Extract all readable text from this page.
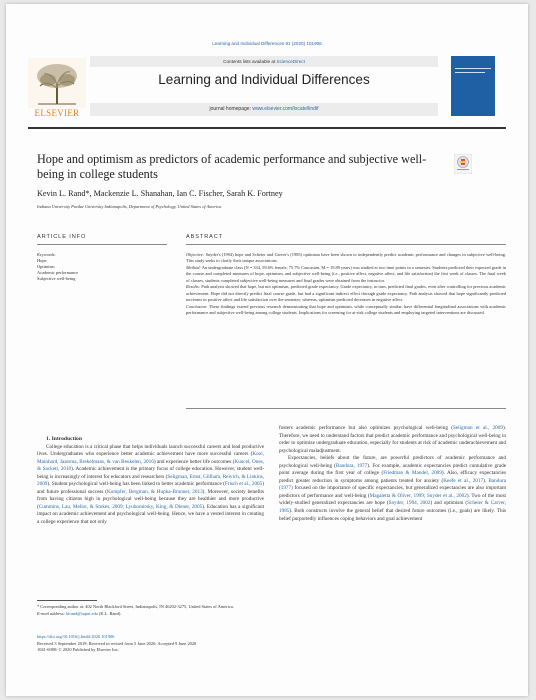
Learning and Individual Differences 81 (2020) 101906
ELSEVIER
Contents lists available at ScienceDirect
Learning and Individual Differences
journal homepage: www.elsevier.com/locate/lindif
Hope and optimism as predictors of academic performance and subjective well-being in college students
Kevin L. Rand*, Mackenzie L. Shanahan, Ian C. Fischer, Sarah K. Fortney
Indiana University Purdue University Indianapolis, Department of Psychology, United States of America
ARTICLE INFO	ABSTRACT
Keywords:
Hope
Optimism
Academic performance
Subjective well-being

Objective: Snyder's (1994) hope and Scheier and Carver's (1985) optimism have been shown to independently predict academic performance and changes in subjective well-being. This study seeks to clarify their unique associations.

Method: An undergraduate class (N = 334, 59.6% female, 75.7% Caucasian, M = 19.89 years) was studied at two time points in a semester. Students predicted their expected grade in the course and completed measures of hope, optimism, and subjective well-being (i.e., positive affect, negative affect, and life satisfaction) the first week of classes. The final week of classes, students completed subjective well-being measures and final grades were obtained from the instructor.

Results: Path analysis showed that hope, but not optimism, predicted grade expectancy. Grade expectancy, in turn, predicted final grades, even after controlling for previous academic achievement. Hope did not directly predict final course grade, but had a significant indirect effect through grade expectancy. Path analysis showed that hope significantly predicted increases in positive affect and life satisfaction over the semester; whereas, optimism predicted decreases in negative affect.

Conclusion: These findings extend previous research demonstrating that hope and optimism, while conceptually similar, have differential longitudinal associations with academic performance and subjective well-being among college students. Implications for screening for at-risk college students and employing targeted interventions are discussed.

1. Introduction

College education is a critical phase that helps individuals launch successful careers and lead productive lives. Undergraduates who experience better academic achievement have more successful careers (Kool, Mainhard, Jaarsma, Brekelmans, & van Beukelen, 2016) and experience better life outcomes (Kuncel, Ones, & Sackett, 2010). Academic achievement is the primary focus of college education. However, student well-being is increasingly of interest for educators and researchers (Seligman, Ernst, Gillham, Reivich, & Linkins, 2009). Student psychological well-being has been linked to better academic performance (Frisch et al., 2005) and future professional success (Kumpfer, Bergman, & Hupka-Brunner, 2013). Moreover, society benefits from having citizens high in psychological well-being because they are healthier and more productive (Cummins, Lau, Mellor, & Stokes, 2009; Lyubomirsky, King, & Diener, 2005). Education has a significant impact on academic achievement and psychological well-being. Hence, we have a vested interest in creating a college experience that not only

fosters academic performance but also optimizes psychological well-being (Seligman et al., 2009). Therefore, we need to understand factors that predict academic performance and psychological well-being in order to optimize undergraduate education, especially for students at risk of academic underachievement and psychological maladjustment.

Expectancies, beliefs about the future, are powerful predictors of academic performance and psychological well-being (Bandura, 1977). For example, academic expectancies predict cumulative grade point average during the first year of college (Friedman & Mandel, 2009). Also, efficacy expectancies predict greater reduction in symptoms among patients treated for anxiety (Keefe et al., 2017). Bandura (1977) focused on the importance of specific expectancies, but generalized expectancies are also important predictors of performance and well-being (Magaletta & Oliver, 1999; Snyder et al., 2002). Two of the most widely-studied generalized expectancies are hope (Snyder, 1994, 2002) and optimism (Scheier & Carver, 1985). Both constructs involve the general belief that desired future outcomes (i.e., goals) are likely. This belief purportedly influences coping behaviors and goal achievement

* Corresponding author at: 402 North Blackford Street, Indianapolis, IN 46202-3275, United States of America.
E-mail address: klrand@iupui.edu (K.L. Rand).
https://doi.org/10.1016/j.lindif.2020.101906
Received 3 September 2019; Received in revised form 5 June 2020; Accepted 9 June 2020
1041-6080/ © 2020 Published by Elsevier Inc.
